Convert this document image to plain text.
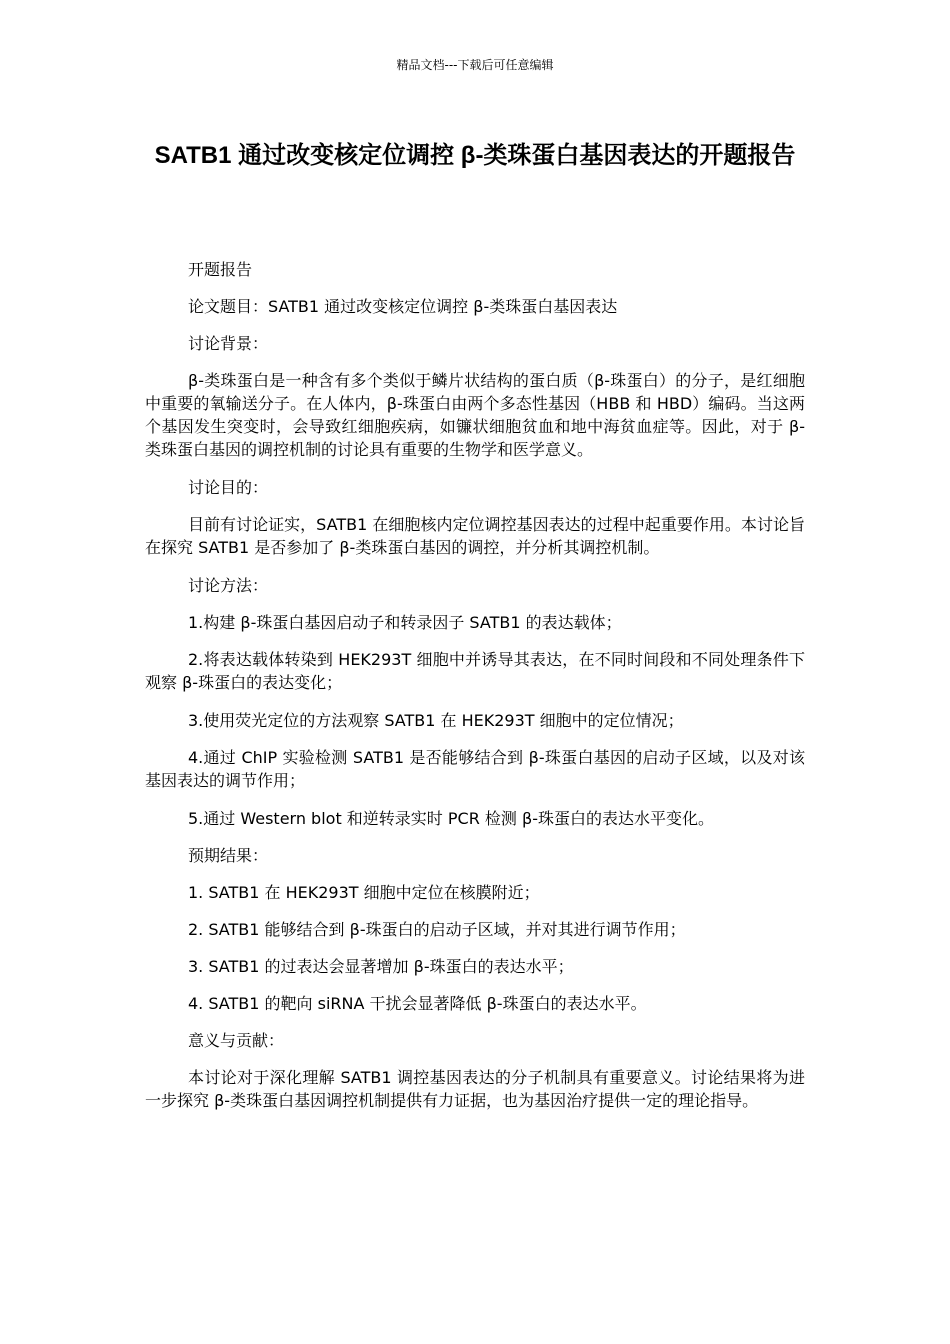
精品文档---下载后可任意编辑
SATB1 通过改变核定位调控 β-类珠蛋白基因表达的开题报告

开题报告

论文题目：SATB1 通过改变核定位调控 β-类珠蛋白基因表达

讨论背景：

β-类珠蛋白是一种含有多个类似于鳞片状结构的蛋白质（β-珠蛋白）的分子，是红细胞中重要的氧输送分子。在人体内，β-珠蛋白由两个多态性基因（HBB 和 HBD）编码。当这两个基因发生突变时，会导致红细胞疾病，如镰状细胞贫血和地中海贫血症等。因此，对于 β-类珠蛋白基因的调控机制的讨论具有重要的生物学和医学意义。

讨论目的：

目前有讨论证实，SATB1 在细胞核内定位调控基因表达的过程中起重要作用。本讨论旨在探究 SATB1 是否参加了 β-类珠蛋白基因的调控，并分析其调控机制。

讨论方法：

1.构建 β-珠蛋白基因启动子和转录因子 SATB1 的表达载体；

2.将表达载体转染到 HEK293T 细胞中并诱导其表达，在不同时间段和不同处理条件下观察 β-珠蛋白的表达变化；

3.使用荧光定位的方法观察 SATB1 在 HEK293T 细胞中的定位情况；

4.通过 ChIP 实验检测 SATB1 是否能够结合到 β-珠蛋白基因的启动子区域，以及对该基因表达的调节作用；

5.通过 Western blot 和逆转录实时 PCR 检测 β-珠蛋白的表达水平变化。

预期结果：

1. SATB1 在 HEK293T 细胞中定位在核膜附近；

2. SATB1 能够结合到 β-珠蛋白的启动子区域，并对其进行调节作用；

3. SATB1 的过表达会显著增加 β-珠蛋白的表达水平；

4. SATB1 的靶向 siRNA 干扰会显著降低 β-珠蛋白的表达水平。

意义与贡献：

本讨论对于深化理解 SATB1 调控基因表达的分子机制具有重要意义。讨论结果将为进一步探究 β-类珠蛋白基因调控机制提供有力证据，也为基因治疗提供一定的理论指导。
